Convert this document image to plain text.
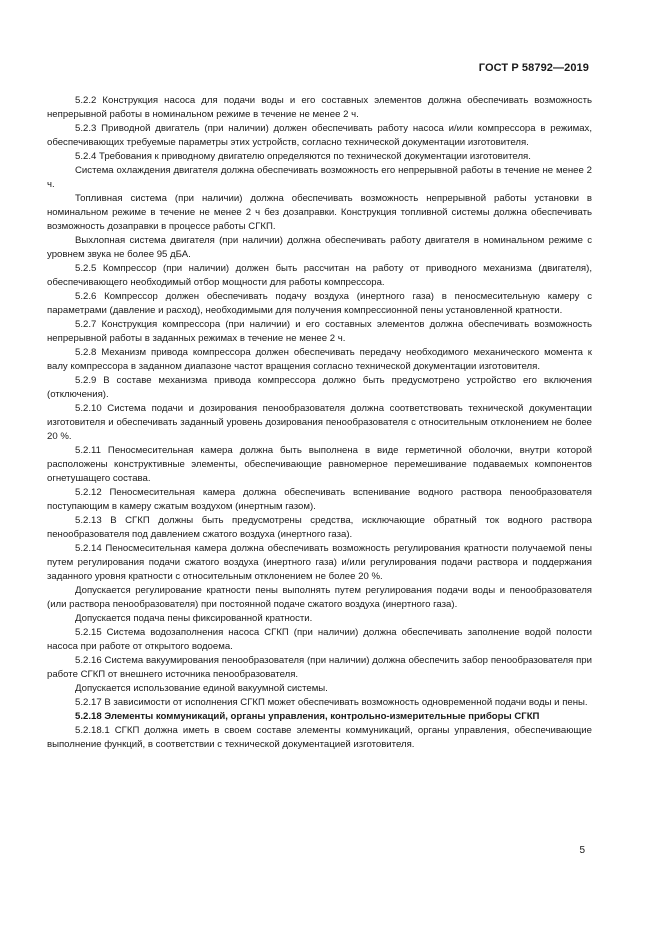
ГОСТ Р 58792—2019

5.2.2 Конструкция насоса для подачи воды и его составных элементов должна обеспечивать возможность непрерывной работы в номинальном режиме в течение не менее 2 ч.

5.2.3 Приводной двигатель (при наличии) должен обеспечивать работу насоса и/или компрессора в режимах, обеспечивающих требуемые параметры этих устройств, согласно технической документации изготовителя.

5.2.4 Требования к приводному двигателю определяются по технической документации изготовителя.

Система охлаждения двигателя должна обеспечивать возможность его непрерывной работы в течение не менее 2 ч.

Топливная система (при наличии) должна обеспечивать возможность непрерывной работы установки в номинальном режиме в течение не менее 2 ч без дозаправки. Конструкция топливной системы должна обеспечивать возможность дозаправки в процессе работы СГКП.

Выхлопная система двигателя (при наличии) должна обеспечивать работу двигателя в номинальном режиме с уровнем звука не более 95 дБА.

5.2.5 Компрессор (при наличии) должен быть рассчитан на работу от приводного механизма (двигателя), обеспечивающего необходимый отбор мощности для работы компрессора.

5.2.6 Компрессор должен обеспечивать подачу воздуха (инертного газа) в пеносмесительную камеру с параметрами (давление и расход), необходимыми для получения компрессионной пены установленной кратности.

5.2.7 Конструкция компрессора (при наличии) и его составных элементов должна обеспечивать возможность непрерывной работы в заданных режимах в течение не менее 2 ч.

5.2.8 Механизм привода компрессора должен обеспечивать передачу необходимого механического момента к валу компрессора в заданном диапазоне частот вращения согласно технической документации изготовителя.

5.2.9 В составе механизма привода компрессора должно быть предусмотрено устройство его включения (отключения).

5.2.10 Система подачи и дозирования пенообразователя должна соответствовать технической документации изготовителя и обеспечивать заданный уровень дозирования пенообразователя с относительным отклонением не более 20 %.

5.2.11 Пеносмесительная камера должна быть выполнена в виде герметичной оболочки, внутри которой расположены конструктивные элементы, обеспечивающие равномерное перемешивание подаваемых компонентов огнетушащего состава.

5.2.12 Пеносмесительная камера должна обеспечивать вспенивание водного раствора пенообразователя поступающим в камеру сжатым воздухом (инертным газом).

5.2.13 В СГКП должны быть предусмотрены средства, исключающие обратный ток водного раствора пенообразователя под давлением сжатого воздуха (инертного газа).

5.2.14 Пеносмесительная камера должна обеспечивать возможность регулирования кратности получаемой пены путем регулирования подачи сжатого воздуха (инертного газа) и/или регулирования подачи раствора и поддержания заданного уровня кратности с относительным отклонением не более 20 %.

Допускается регулирование кратности пены выполнять путем регулирования подачи воды и пенообразователя (или раствора пенообразователя) при постоянной подаче сжатого воздуха (инертного газа).

Допускается подача пены фиксированной кратности.

5.2.15 Система водозаполнения насоса СГКП (при наличии) должна обеспечивать заполнение водой полости насоса при работе от открытого водоема.

5.2.16 Система вакуумирования пенообразователя (при наличии) должна обеспечить забор пенообразователя при работе СГКП от внешнего источника пенообразователя.

Допускается использование единой вакуумной системы.

5.2.17 В зависимости от исполнения СГКП может обеспечивать возможность одновременной подачи воды и пены.

5.2.18 Элементы коммуникаций, органы управления, контрольно-измерительные приборы СГКП

5.2.18.1 СГКП должна иметь в своем составе элементы коммуникаций, органы управления, обеспечивающие выполнение функций, в соответствии с технической документацией изготовителя.

5
